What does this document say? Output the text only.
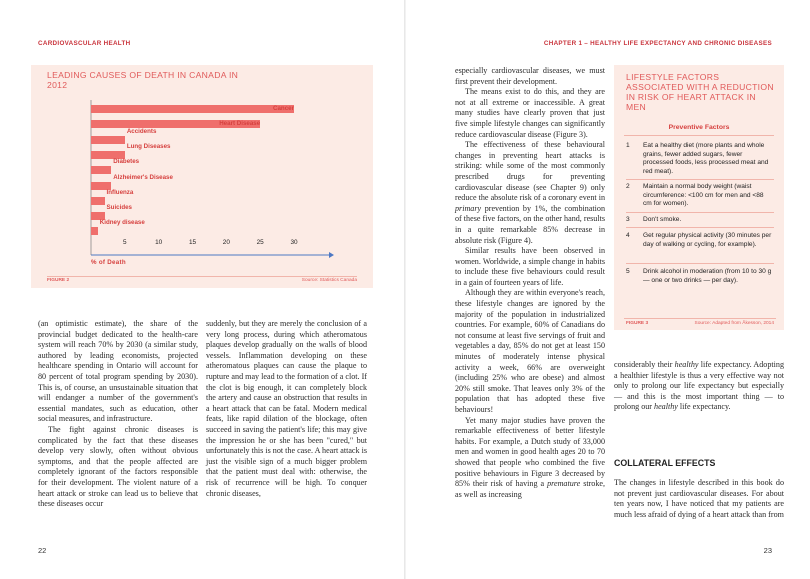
CARDIOVASCULAR HEALTH	CHAPTER 1 – HEALTHY LIFE EXPECTANCY AND CHRONIC DISEASES
LEADING CAUSES OF DEATH IN CANADA IN 2012
FIGURE 2	Source: Statistics Canada
Cancer
Heart Disease
Accidents
Lung Diseases
Diabetes
Alzheimer's Disease
Influenza
Suicides
Kidney disease
5	10	15	20	25	30
% of Death

(an optimistic estimate), the share of the provincial budget dedicated to the health-care system will reach 70% by 2030 (a similar study, authored by leading economists, projected healthcare spending in Ontario will account for 80 percent of total program spending by 2030). This is, of course, an unsustainable situation that will endanger a number of the government's essential mandates, such as education, other social measures, and infrastructure.

The fight against chronic diseases is complicated by the fact that these diseases develop very slowly, often without obvious symptoms, and that the people affected are completely ignorant of the factors responsible for their development. The violent nature of a heart attack or stroke can lead us to believe that these diseases occur

suddenly, but they are merely the conclusion of a very long process, during which atheromatous plaques develop gradually on the walls of blood vessels. Inflammation developing on these atheromatous plaques can cause the plaque to rupture and may lead to the formation of a clot. If the clot is big enough, it can completely block the artery and cause an obstruction that results in a heart attack that can be fatal. Modern medical feats, like rapid dilation of the blockage, often succeed in saving the patient's life; this may give the impression he or she has been "cured," but unfortunately this is not the case. A heart attack is just the visible sign of a much bigger problem that the patient must deal with: otherwise, the risk of recurrence will be high. To conquer chronic diseases,

especially cardiovascular diseases, we must first prevent their development.

The means exist to do this, and they are not at all extreme or inaccessible. A great many studies have clearly proven that just five simple lifestyle changes can significantly reduce cardiovascular disease (Figure 3).

The effectiveness of these behavioural changes in preventing heart attacks is striking: while some of the most commonly prescribed drugs for preventing cardiovascular disease (see Chapter 9) only reduce the absolute risk of a coronary event in primary prevention by 1%, the combination of these five factors, on the other hand, results in a quite remarkable 85% decrease in absolute risk (Figure 4).

Similar results have been observed in women. Worldwide, a simple change in habits to include these five behaviours could result in a gain of fourteen years of life.

Although they are within everyone's reach, these lifestyle changes are ignored by the majority of the population in industrialized countries. For example, 60% of Canadians do not consume at least five servings of fruit and vegetables a day, 85% do not get at least 150 minutes of moderately intense physical activity a week, 66% are overweight (including 25% who are obese) and almost 20% still smoke. That leaves only 3% of the population that has adopted these five behaviours!

Yet many major studies have proven the remarkable effectiveness of better lifestyle habits. For example, a Dutch study of 33,000 men and women in good health ages 20 to 70 showed that people who combined the five positive behaviours in Figure 3 decreased by 85% their risk of having a premature stroke, as well as increasing

LIFESTYLE FACTORS ASSOCIATED WITH A REDUCTION IN RISK OF HEART ATTACK IN MEN
Preventive Factors
1 Eat a healthy diet (more plants and whole grains, fewer added sugars, fewer processed foods, less processed meat and red meat).
2 Maintain a normal body weight (waist circumference: <100 cm for men and <88 cm for women).
3 Don't smoke.
4 Get regular physical activity (30 minutes per day of walking or cycling, for example).
5 Drink alcohol in moderation (from 10 to 30 g — one or two drinks — per day).
FIGURE 3	Source: Adapted from Åkesson, 2014

considerably their healthy life expectancy. Adopting a healthier lifestyle is thus a very effective way not only to prolong our life expectancy but especially — and this is the most important thing — to prolong our healthy life expectancy.

COLLATERAL EFFECTS

The changes in lifestyle described in this book do not prevent just cardiovascular diseases. For about ten years now, I have noticed that my patients are much less afraid of dying of a heart attack than from

22	23
